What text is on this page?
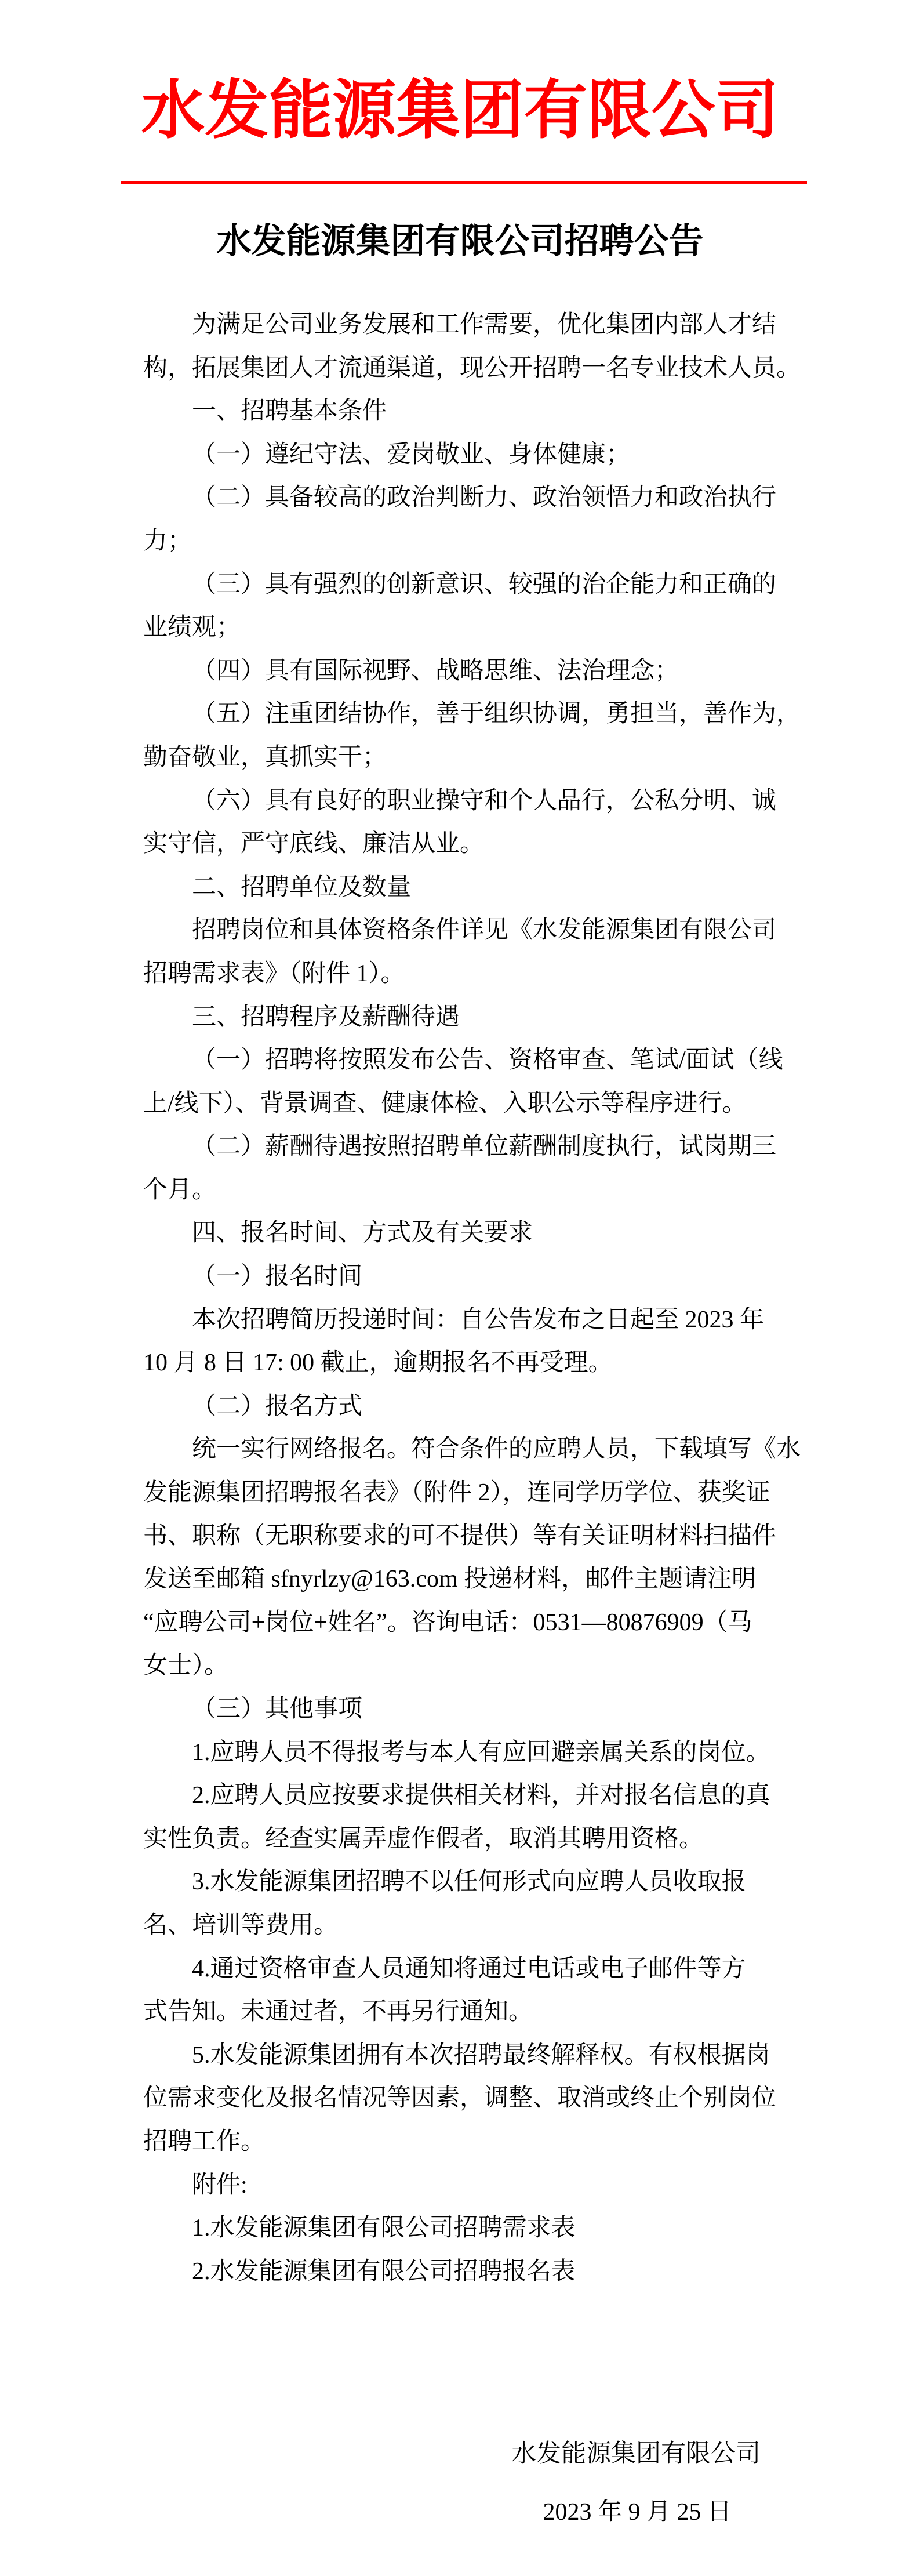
水发能源集团有限公司
水发能源集团有限公司招聘公告
为满足公司业务发展和工作需要，优化集团内部人才结
构，拓展集团人才流通渠道，现公开招聘一名专业技术人员。
一、招聘基本条件
（一）遵纪守法、爱岗敬业、身体健康；
（二）具备较高的政治判断力、政治领悟力和政治执行
力；
（三）具有强烈的创新意识、较强的治企能力和正确的
业绩观；
（四）具有国际视野、战略思维、法治理念；
（五）注重团结协作，善于组织协调，勇担当，善作为，
勤奋敬业，真抓实干；
（六）具有良好的职业操守和个人品行，公私分明、诚
实守信，严守底线、廉洁从业。
二、招聘单位及数量
招聘岗位和具体资格条件详见《水发能源集团有限公司
招聘需求表》（附件 1）。
三、招聘程序及薪酬待遇
（一）招聘将按照发布公告、资格审查、笔试/面试（线
上/线下）、背景调查、健康体检、入职公示等程序进行。
（二）薪酬待遇按照招聘单位薪酬制度执行，试岗期三
个月。
四、报名时间、方式及有关要求
（一）报名时间
本次招聘简历投递时间：自公告发布之日起至 2023 年
10 月 8 日 17: 00 截止，逾期报名不再受理。
（二）报名方式
统一实行网络报名。符合条件的应聘人员，下载填写《水
发能源集团招聘报名表》（附件 2），连同学历学位、获奖证
书、职称（无职称要求的可不提供）等有关证明材料扫描件
发送至邮箱 sfnyrlzy@163.com 投递材料，邮件主题请注明
“应聘公司+岗位+姓名”。咨询电话：0531—80876909（马
女士）。
（三）其他事项
1.应聘人员不得报考与本人有应回避亲属关系的岗位。
2.应聘人员应按要求提供相关材料，并对报名信息的真
实性负责。经查实属弄虚作假者，取消其聘用资格。
3.水发能源集团招聘不以任何形式向应聘人员收取报
名、培训等费用。
4.通过资格审查人员通知将通过电话或电子邮件等方
式告知。未通过者，不再另行通知。
5.水发能源集团拥有本次招聘最终解释权。有权根据岗
位需求变化及报名情况等因素，调整、取消或终止个别岗位
招聘工作。
附件:
1.水发能源集团有限公司招聘需求表
2.水发能源集团有限公司招聘报名表
水发能源集团有限公司
2023 年 9 月 25 日
